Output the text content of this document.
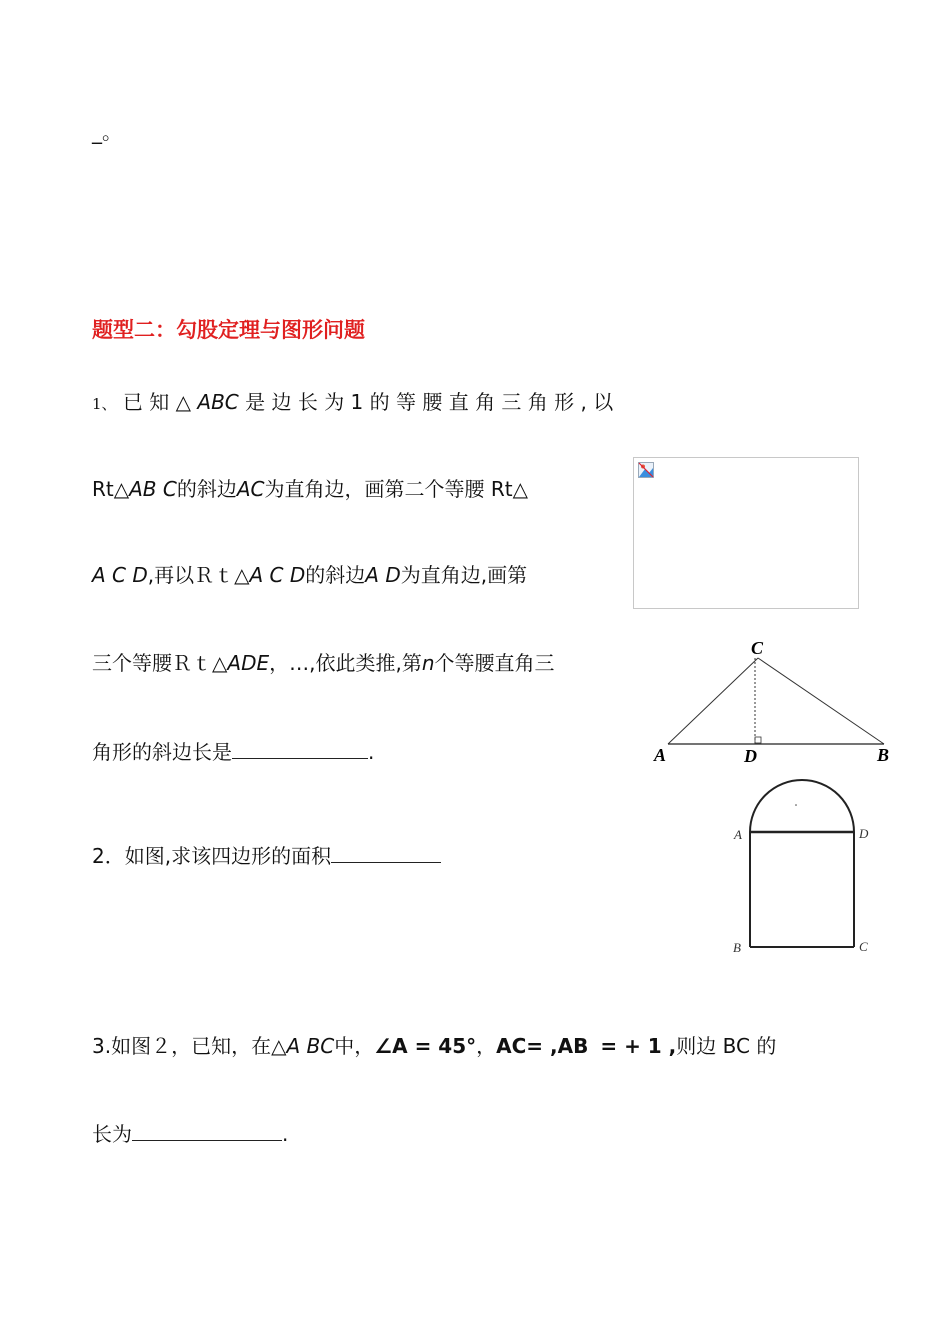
_。
题型二：勾股定理与图形问题
1、 已 知 △ ABC 是 边 长 为 1 的 等 腰 直 角 三 角 形 , 以
Rt△AB C的斜边AC为直角边，画第二个等腰 Rt△
A C D,再以Ｒｔ△A C D的斜边A D为直角边,画第
三个等腰Ｒｔ△ADE，…,依此类推,第n个等腰直角三
角形的斜边长是	.
C
A	D	B
2．如图,求该四边形的面积
A	D
B	C
3.如图２，已知，在△A BC中，∠A = 45°，AC= ,AB = + 1 ,则边 BC 的
长为	.
